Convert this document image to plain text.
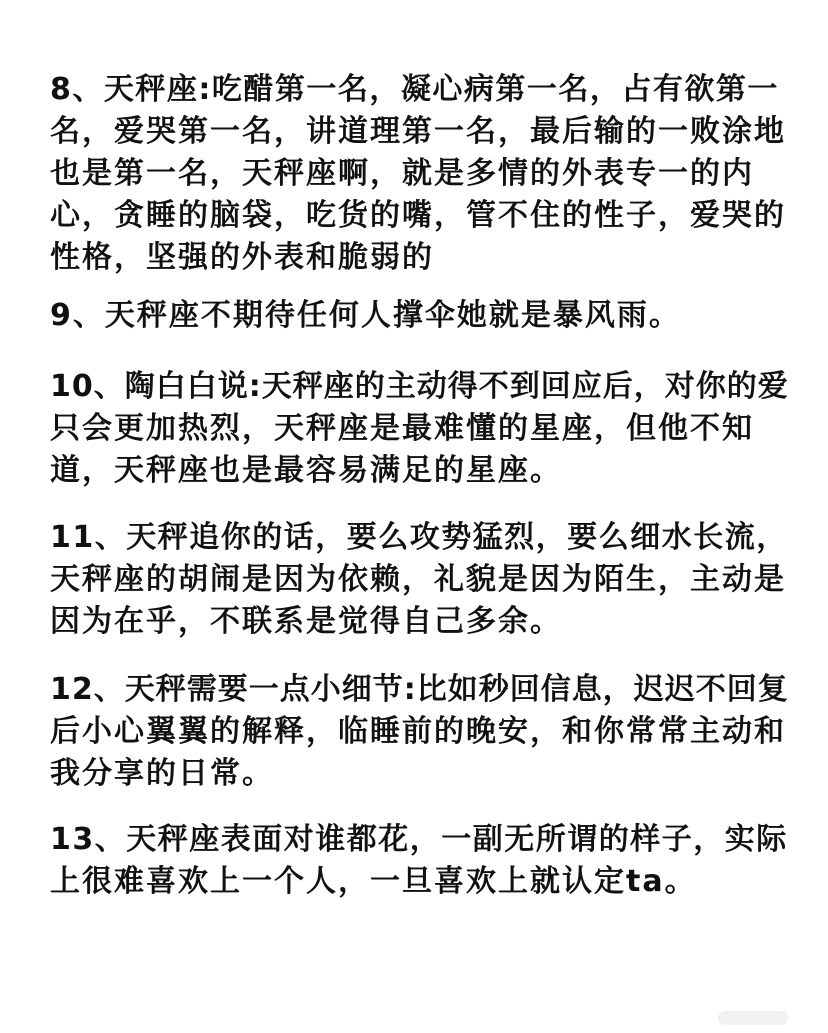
8、天秤座:吃醋第一名，凝心病第一名，占有欲第一
名，爱哭第一名，讲道理第一名，最后输的一败涂地
也是第一名，天秤座啊，就是多情的外表专一的内
心，贪睡的脑袋，吃货的嘴，管不住的性子，爱哭的
性格，坚强的外表和脆弱的

9、天秤座不期待任何人撑伞她就是暴风雨。

10、陶白白说:天秤座的主动得不到回应后，对你的爱
只会更加热烈，天秤座是最难懂的星座，但他不知
道，天秤座也是最容易满足的星座。

11、天秤追你的话，要么攻势猛烈，要么细水长流，
天秤座的胡闹是因为依赖，礼貌是因为陌生，主动是
因为在乎，不联系是觉得自己多余。

12、天秤需要一点小细节:比如秒回信息，迟迟不回复
后小心翼翼的解释，临睡前的晚安，和你常常主动和
我分享的日常。

13、天秤座表面对谁都花，一副无所谓的样子，实际
上很难喜欢上一个人，一旦喜欢上就认定ta。
